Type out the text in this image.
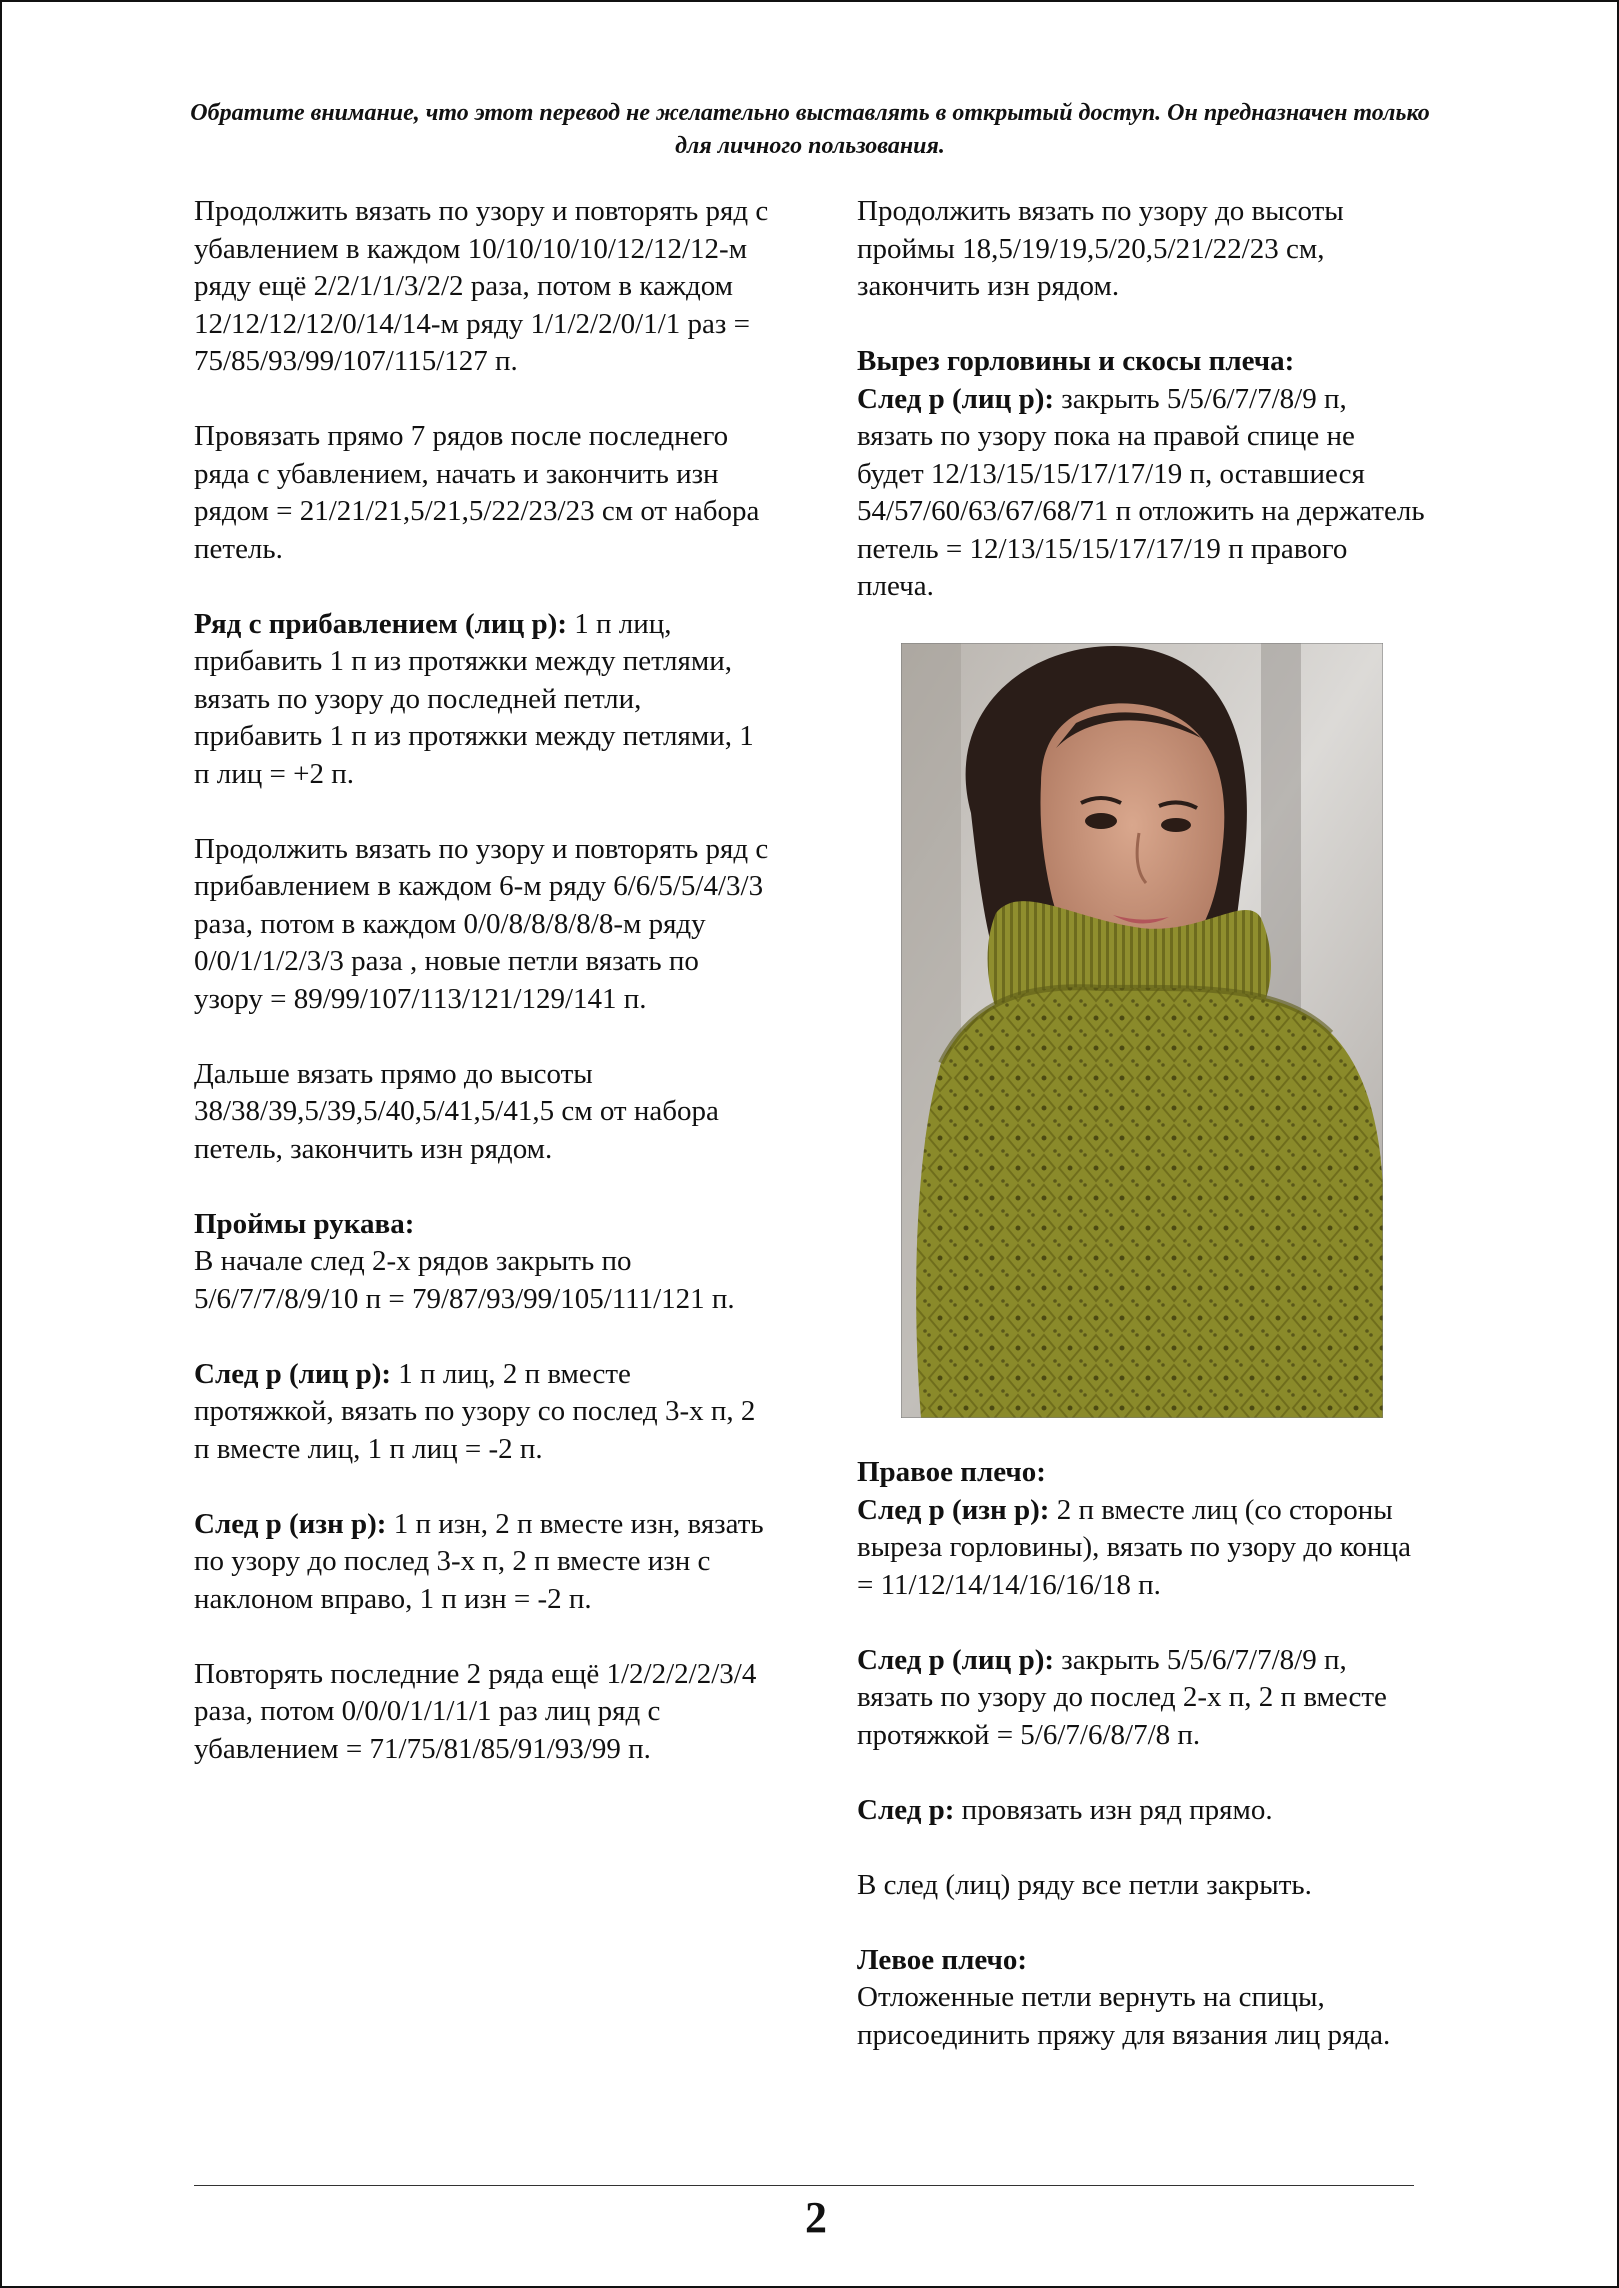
Обратите внимание, что этот перевод не желательно выставлять в открытый доступ. Он предназначен только для личного пользования.

Продолжить вязать по узору и повторять ряд с убавлением в каждом 10/10/10/10/12/12/12-м ряду ещё 2/2/1/1/3/2/2 раза, потом в каждом 12/12/12/12/0/14/14-м ряду 1/1/2/2/0/1/1 раз = 75/85/93/99/107/115/127 п.

Провязать прямо 7 рядов после последнего ряда с убавлением, начать и закончить изн рядом = 21/21/21,5/21,5/22/23/23 см от набора петель.

Ряд с прибавлением (лиц р): 1 п лиц, прибавить 1 п из протяжки между петлями, вязать по узору до последней петли, прибавить 1 п из протяжки между петлями, 1 п лиц = +2 п.

Продолжить вязать по узору и повторять ряд с прибавлением в каждом 6-м ряду 6/6/5/5/4/3/3 раза, потом в каждом 0/0/8/8/8/8/8-м ряду 0/0/1/1/2/3/3 раза , новые петли вязать по узору = 89/99/107/113/121/129/141 п.

Дальше вязать прямо до высоты 38/38/39,5/39,5/40,5/41,5/41,5 см от набора петель, закончить изн рядом.

Проймы рукава:
В начале след 2-х рядов закрыть по 5/6/7/7/8/9/10 п = 79/87/93/99/105/111/121 п.

След р (лиц р): 1 п лиц, 2 п вместе протяжкой, вязать по узору со послед 3-х п, 2 п вместе лиц, 1 п лиц = -2 п.

След р (изн р): 1 п изн, 2 п вместе изн, вязать по узору до послед 3-х п, 2 п вместе изн с наклоном вправо, 1 п изн = -2 п.

Повторять последние 2 ряда ещё 1/2/2/2/2/3/4 раза, потом 0/0/0/1/1/1/1 раз лиц ряд с убавлением = 71/75/81/85/91/93/99 п.

Продолжить вязать по узору до высоты проймы 18,5/19/19,5/20,5/21/22/23 см, закончить изн рядом.

Вырез горловины и скосы плеча:
След р (лиц р): закрыть 5/5/6/7/7/8/9 п, вязать по узору пока на правой спице не будет 12/13/15/15/17/17/19 п, оставшиеся 54/57/60/63/67/68/71 п отложить на держатель петель = 12/13/15/15/17/17/19 п правого плеча.

Правое плечо:
След р (изн р): 2 п вместе лиц (со стороны выреза горловины), вязать по узору до конца = 11/12/14/14/16/16/18 п.

След р (лиц р): закрыть 5/5/6/7/7/8/9 п, вязать по узору до послед 2-х п, 2 п вместе протяжкой = 5/6/7/6/8/7/8 п.

След р: провязать изн ряд прямо.

В след (лиц) ряду все петли закрыть.

Левое плечо:
Отложенные петли вернуть на спицы, присоединить пряжу для вязания лиц ряда.

2
